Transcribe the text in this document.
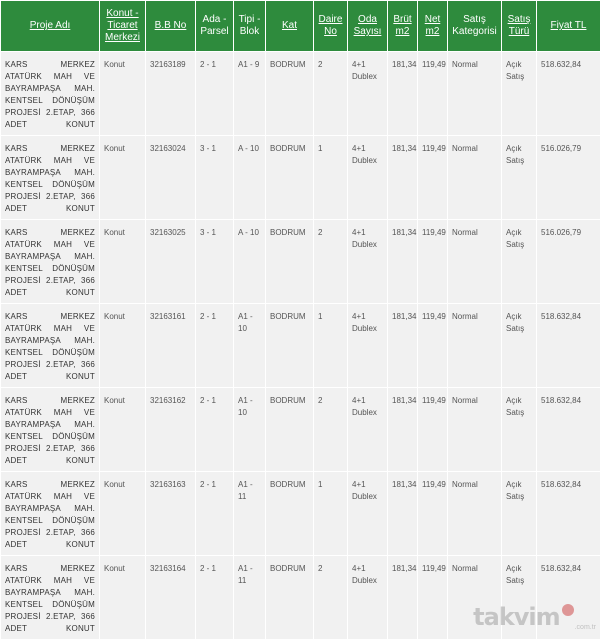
Proje Adı	Konut - Ticaret Merkezi	B.B No	Ada - Parsel	Tipi - Blok	Kat	Daire No	Oda Sayısı	Brüt m2	Net m2	Satış Kategorisi	Satış Türü	Fiyat TL
KARS MERKEZ ATATÜRK MAH VE BAYRAMPAŞA MAH. KENTSEL DÖNÜŞÜM PROJESİ 2.ETAP, 366 ADET KONUT	Konut	32163189	2 - 1	A1 - 9	BODRUM	2	4+1 Dublex	181,34	119,49	Normal	Açık Satış	518.632,84
KARS MERKEZ ATATÜRK MAH VE BAYRAMPAŞA MAH. KENTSEL DÖNÜŞÜM PROJESİ 2.ETAP, 366 ADET KONUT	Konut	32163024	3 - 1	A - 10	BODRUM	1	4+1 Dublex	181,34	119,49	Normal	Açık Satış	516.026,79
KARS MERKEZ ATATÜRK MAH VE BAYRAMPAŞA MAH. KENTSEL DÖNÜŞÜM PROJESİ 2.ETAP, 366 ADET KONUT	Konut	32163025	3 - 1	A - 10	BODRUM	2	4+1 Dublex	181,34	119,49	Normal	Açık Satış	516.026,79
KARS MERKEZ ATATÜRK MAH VE BAYRAMPAŞA MAH. KENTSEL DÖNÜŞÜM PROJESİ 2.ETAP, 366 ADET KONUT	Konut	32163161	2 - 1	A1 - 10	BODRUM	1	4+1 Dublex	181,34	119,49	Normal	Açık Satış	518.632,84
KARS MERKEZ ATATÜRK MAH VE BAYRAMPAŞA MAH. KENTSEL DÖNÜŞÜM PROJESİ 2.ETAP, 366 ADET KONUT	Konut	32163162	2 - 1	A1 - 10	BODRUM	2	4+1 Dublex	181,34	119,49	Normal	Açık Satış	518.632,84
KARS MERKEZ ATATÜRK MAH VE BAYRAMPAŞA MAH. KENTSEL DÖNÜŞÜM PROJESİ 2.ETAP, 366 ADET KONUT	Konut	32163163	2 - 1	A1 - 11	BODRUM	1	4+1 Dublex	181,34	119,49	Normal	Açık Satış	518.632,84
KARS MERKEZ ATATÜRK MAH VE BAYRAMPAŞA MAH. KENTSEL DÖNÜŞÜM PROJESİ 2.ETAP, 366 ADET KONUT	Konut	32163164	2 - 1	A1 - 11	BODRUM	2	4+1 Dublex	181,34	119,49	Normal	Açık Satış	518.632,84
takvim .com.tr
